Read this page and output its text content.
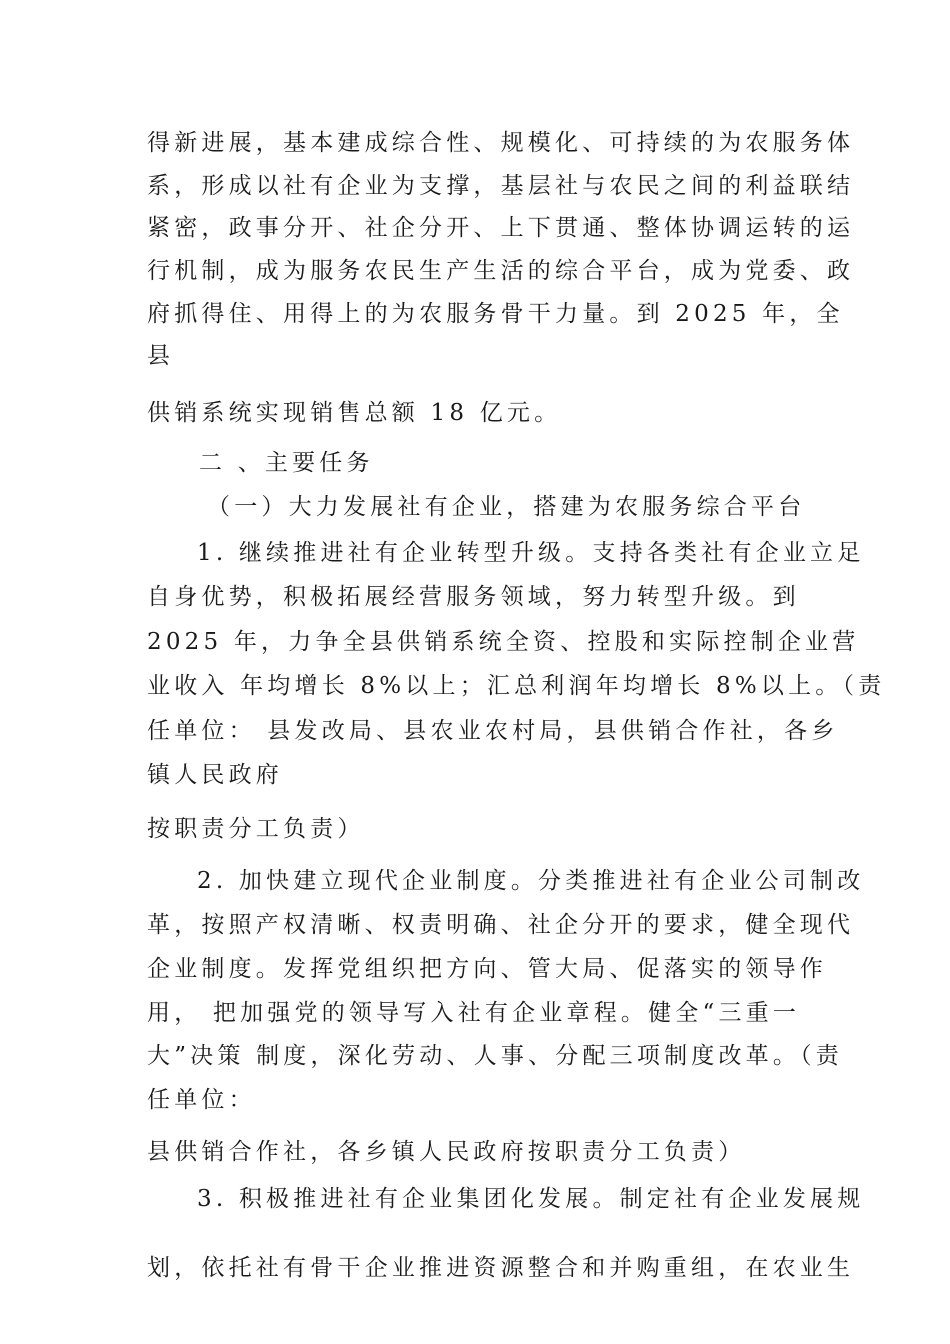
得新进展，基本建成综合性、规模化、可持续的为农服务体

系，形成以社有企业为支撑，基层社与农民之间的利益联结

紧密，政事分开、社企分开、上下贯通、整体协调运转的运

行机制，成为服务农民生产生活的综合平台，成为党委、政

府抓得住、用得上的为农服务骨干力量。到 2025 年，全

县

供销系统实现销售总额 18 亿元。

二 、主要任务

（一）大力发展社有企业，搭建为农服务综合平台

1. 继续推进社有企业转型升级。支持各类社有企业立足

自身优势，积极拓展经营服务领域，努力转型升级。到

2025 年，力争全县供销系统全资、控股和实际控制企业营

业收入 年均增长 8%以上；汇总利润年均增长 8%以上。（责

任单位： 县发改局、县农业农村局，县供销合作社，各乡

镇人民政府

按职责分工负责）

2. 加快建立现代企业制度。分类推进社有企业公司制改

革，按照产权清晰、权责明确、社企分开的要求，健全现代

企业制度。发挥党组织把方向、管大局、促落实的领导作

用， 把加强党的领导写入社有企业章程。健全“三重一

大”决策 制度，深化劳动、人事、分配三项制度改革。（责

任单位：

县供销合作社，各乡镇人民政府按职责分工负责）

3. 积极推进社有企业集团化发展。制定社有企业发展规

划，依托社有骨干企业推进资源整合和并购重组，在农业生
